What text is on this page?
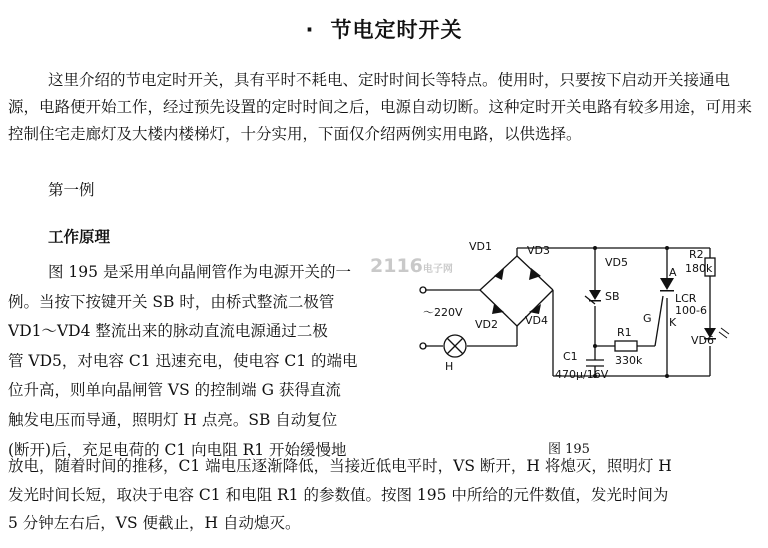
· 节电定时开关

这里介绍的节电定时开关，具有平时不耗电、定时时间长等特点。使用时，只要按下启动开关接通电源，电路便开始工作，经过预先设置的定时时间之后，电源自动切断。这种定时开关电路有较多用途，可用来控制住宅走廊灯及大楼内楼梯灯，十分实用，下面仅介绍两例实用电路，以供选择。

第一例
工作原理
图 195 是采用单向晶闸管作为电源开关的一
例。当按下按键开关 SB 时，由桥式整流二极管
VD1～VD4 整流出来的脉动直流电源通过二极
管 VD5，对电容 C1 迅速充电，使电容 C1 的端电
位升高，则单向晶闸管 VS 的控制端 G 获得直流
触发电压而导通，照明灯 H 点亮。SB 自动复位
(断开)后，充足电荷的 C1 向电阻 R1 开始缓慢地
2116电子网
VD1	VD3
VD2 VD4
VD5
～220V
H
SB
R1
330k
C1
470μ/16V
R2
180k
A
LCR
100-6
G K
VD6
图 195
放电，随着时间的推移，C1 端电压逐渐降低，当接近低电平时，VS 断开，H 将熄灭，照明灯 H
发光时间长短，取决于电容 C1 和电阻 R1 的参数值。按图 195 中所给的元件数值，发光时间为
5 分钟左右后，VS 便截止，H 自动熄灭。
